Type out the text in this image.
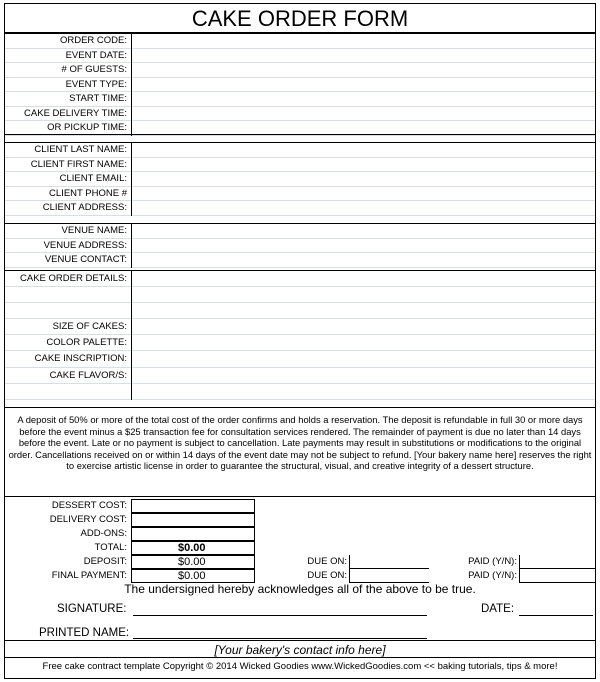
CAKE ORDER FORM
ORDER CODE:
EVENT DATE:
# OF GUESTS:
EVENT TYPE:
START TIME:
CAKE DELIVERY TIME:
OR PICKUP TIME:
CLIENT LAST NAME:
CLIENT FIRST NAME:
CLIENT EMAIL:
CLIENT PHONE #
CLIENT ADDRESS:
VENUE NAME:
VENUE ADDRESS:
VENUE CONTACT:
CAKE ORDER DETAILS:
SIZE OF CAKES:
COLOR PALETTE:
CAKE INSCRIPTION:
CAKE FLAVOR/S:
A deposit of 50% or more of the total cost of the order confirms and holds a reservation. The deposit is refundable in full 30 or more days before the event minus a $25 transaction fee for consultation services rendered. The remainder of payment is due no later than 14 days before the event. Late or no payment is subject to cancellation. Late payments may result in substitutions or modifications to the original order. Cancellations received on or within 14 days of the event date may not be subject to refund. [Your bakery name here] reserves the right to exercise artistic license in order to guarantee the structural, visual, and creative integrity of a dessert structure.
DESSERT COST:
DELIVERY COST:
ADD-ONS:
TOTAL:	$0.00
DEPOSIT:	$0.00	DUE ON:	PAID (Y/N):
FINAL PAYMENT:	$0.00	DUE ON:	PAID (Y/N):
The undersigned hereby acknowledges all of the above to be true.
SIGNATURE:	DATE:
PRINTED NAME:
[Your bakery's contact info here]
Free cake contract template Copyright © 2014 Wicked Goodies www.WickedGoodies.com << baking tutorials, tips & more!
